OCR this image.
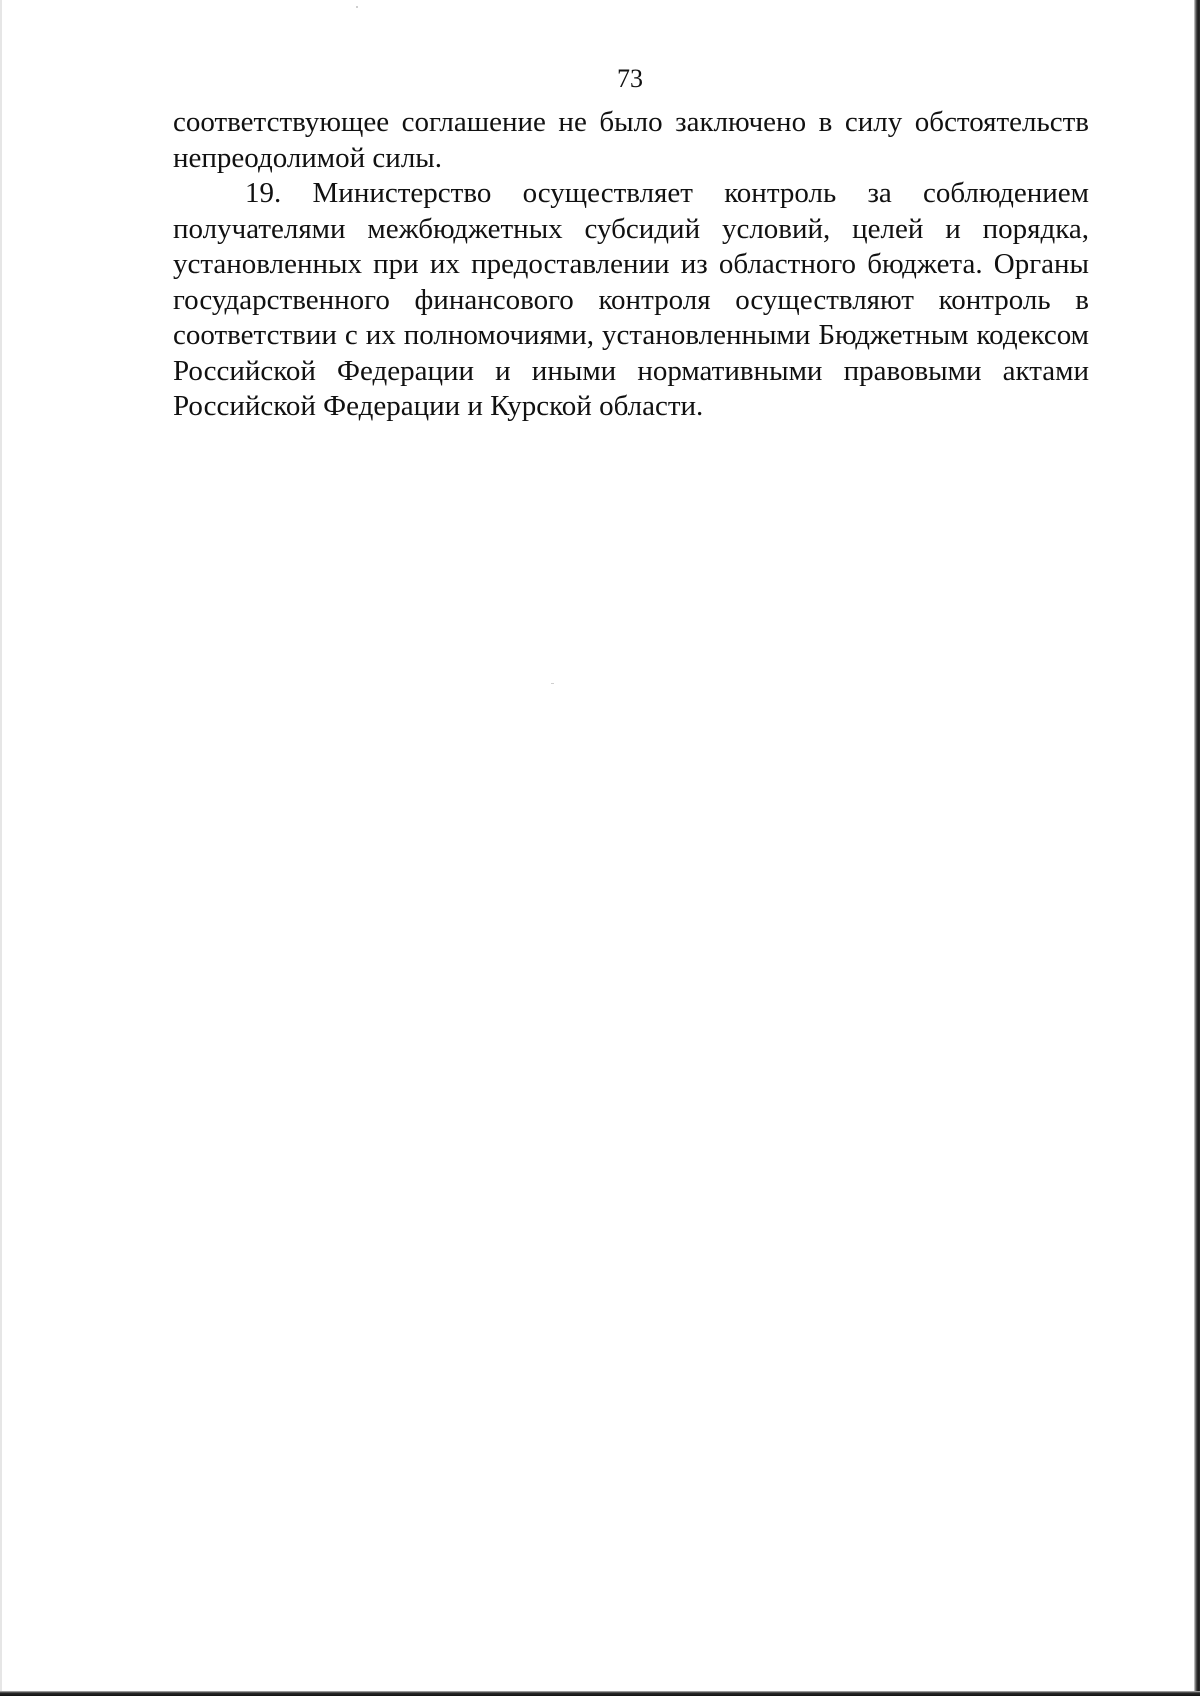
73

соответствующее соглашение не было заключено в силу обстоятельств непреодолимой силы.

19. Министерство осуществляет контроль за соблюдением получателями межбюджетных субсидий условий, целей и порядка, установленных при их предоставлении из областного бюджета. Органы государственного финансового контроля осуществляют контроль в соответствии с их полномочиями, установленными Бюджетным кодексом Российской Федерации и иными нормативными правовыми актами Российской Федерации и Курской области.
